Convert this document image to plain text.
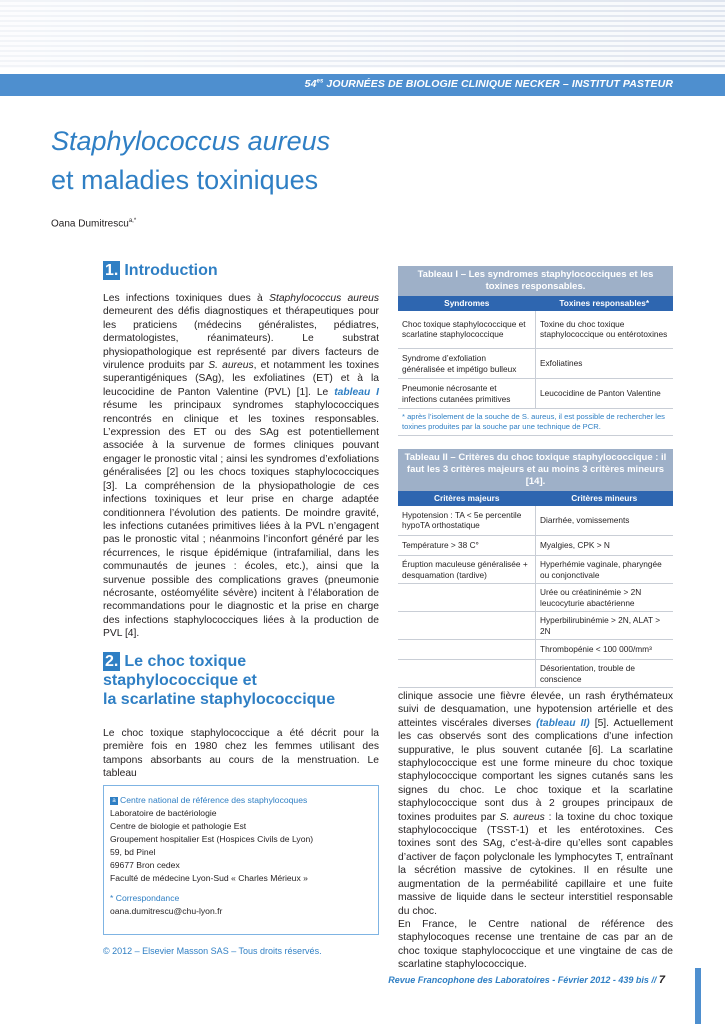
$54^{es}$ JOURNÉES DE BIOLOGIE CLINIQUE NECKER – INSTITUT PASTEUR
Staphylococcus aureus
et maladies toxiniques
Oana Dumitrescu$^{a,*}$
1. Introduction

Les infections toxiniques dues à Staphylococcus aureus demeurent des défis diagnostiques et thérapeutiques pour les praticiens (médecins généralistes, pédiatres, dermatologistes, réanimateurs). Le substrat physiopathologique est représenté par divers facteurs de virulence produits par S. aureus, et notamment les toxines superantigéniques (SAg), les exfoliatines (ET) et à la leucocidine de Panton Valentine (PVL) [1]. Le tableau I résume les principaux syndromes staphylococciques rencontrés en clinique et les toxines responsables. L’expression des ET ou des SAg est potentiellement associée à la survenue de formes cliniques pouvant engager le pronostic vital ; ainsi les syndromes d’exfoliations généralisées [2] ou les chocs toxiques staphylococciques [3]. La compréhension de la physiopathologie de ces infections toxiniques et leur prise en charge adaptée conditionnera l’évolution des patients. De moindre gravité, les infections cutanées primitives liées à la PVL n’engagent pas le pronostic vital ; néanmoins l’inconfort généré par les récurrences, le risque épidémique (intrafamilial, dans les communautés de jeunes : écoles, etc.), ainsi que la survenue possible des complications graves (pneumonie nécrosante, ostéomyélite sévère) incitent à l’élaboration de recommandations pour le diagnostic et la prise en charge des infections staphylococciques liées à la production de PVL [4].

2. Le choc toxique
staphylococcique et
la scarlatine staphylococcique

Le choc toxique staphylococcique a été décrit pour la première fois en 1980 chez les femmes utilisant des tampons absorbants au cours de la menstruation. Le tableau

clinique associe une fièvre élevée, un rash érythémateux suivi de desquamation, une hypotension artérielle et des atteintes viscérales diverses (tableau II) [5]. Actuellement les cas observés sont des complications d’une infection suppurative, le plus souvent cutanée [6]. La scarlatine staphylococcique est une forme mineure du choc toxique staphylococcique comportant les signes cutanés sans les signes du choc. Le choc toxique et la scarlatine staphylococcique sont dus à 2 groupes principaux de toxines produites par S. aureus : la toxine du choc toxique staphylococcique (TSST-1) et les entérotoxines. Ces toxines sont des SAg, c’est-à-dire qu’elles sont capables d’activer de façon polyclonale les lymphocytes T, entraînant la sécrétion massive de cytokines. Il en résulte une augmentation de la perméabilité capillaire et une fuite massive de liquide dans le secteur interstitiel responsable du choc.

En France, le Centre national de référence des staphylocoques recense une trentaine de cas par an de choc toxique staphylococcique et une vingtaine de cas de scarlatine staphylococcique.

a Centre national de référence des staphylocoques
Laboratoire de bactériologie
Centre de biologie et pathologie Est
Groupement hospitalier Est (Hospices Civils de Lyon)
59, bd Pinel
69677 Bron cedex
Faculté de médecine Lyon-Sud « Charles Mérieux »
* Correspondance
oana.dumitrescu@chu-lyon.fr
© 2012 – Elsevier Masson SAS – Tous droits réservés.
Tableau I – Les syndromes staphylococciques et les toxines responsables.	
Syndromes	Toxines responsables*
Choc toxique staphylococcique et scarlatine staphylococcique	Toxine du choc toxique staphylococcique ou entérotoxines
Syndrome d’exfoliation généralisée et impétigo bulleux	Exfoliatines
Pneumonie nécrosante et infections cutanées primitives	Leucocidine de Panton Valentine
* après l’isolement de la souche de S. aureus, il est possible de rechercher les toxines produites par la souche par une technique de PCR.	
Tableau II – Critères du choc toxique staphylococcique : il faut les 3 critères majeurs et au moins 3 critères mineurs [14].	
Critères majeurs	Critères mineurs
Hypotension : TA < 5e percentile hypoTA orthostatique	Diarrhée, vomissements
Température > 38 C°	Myalgies, CPK > N
Éruption maculeuse généralisée + desquamation (tardive)	Hyperhémie vaginale, pharyngée ou conjonctivale
	Urée ou créatininémie > 2N leucocyturie abactérienne
	Hyperbilirubinémie > 2N, ALAT > 2N
	Thrombopénie < 100 000/mm³
	Désorientation, trouble de conscience
Revue Francophone des Laboratoires - Février 2012 - 439 bis // 7
